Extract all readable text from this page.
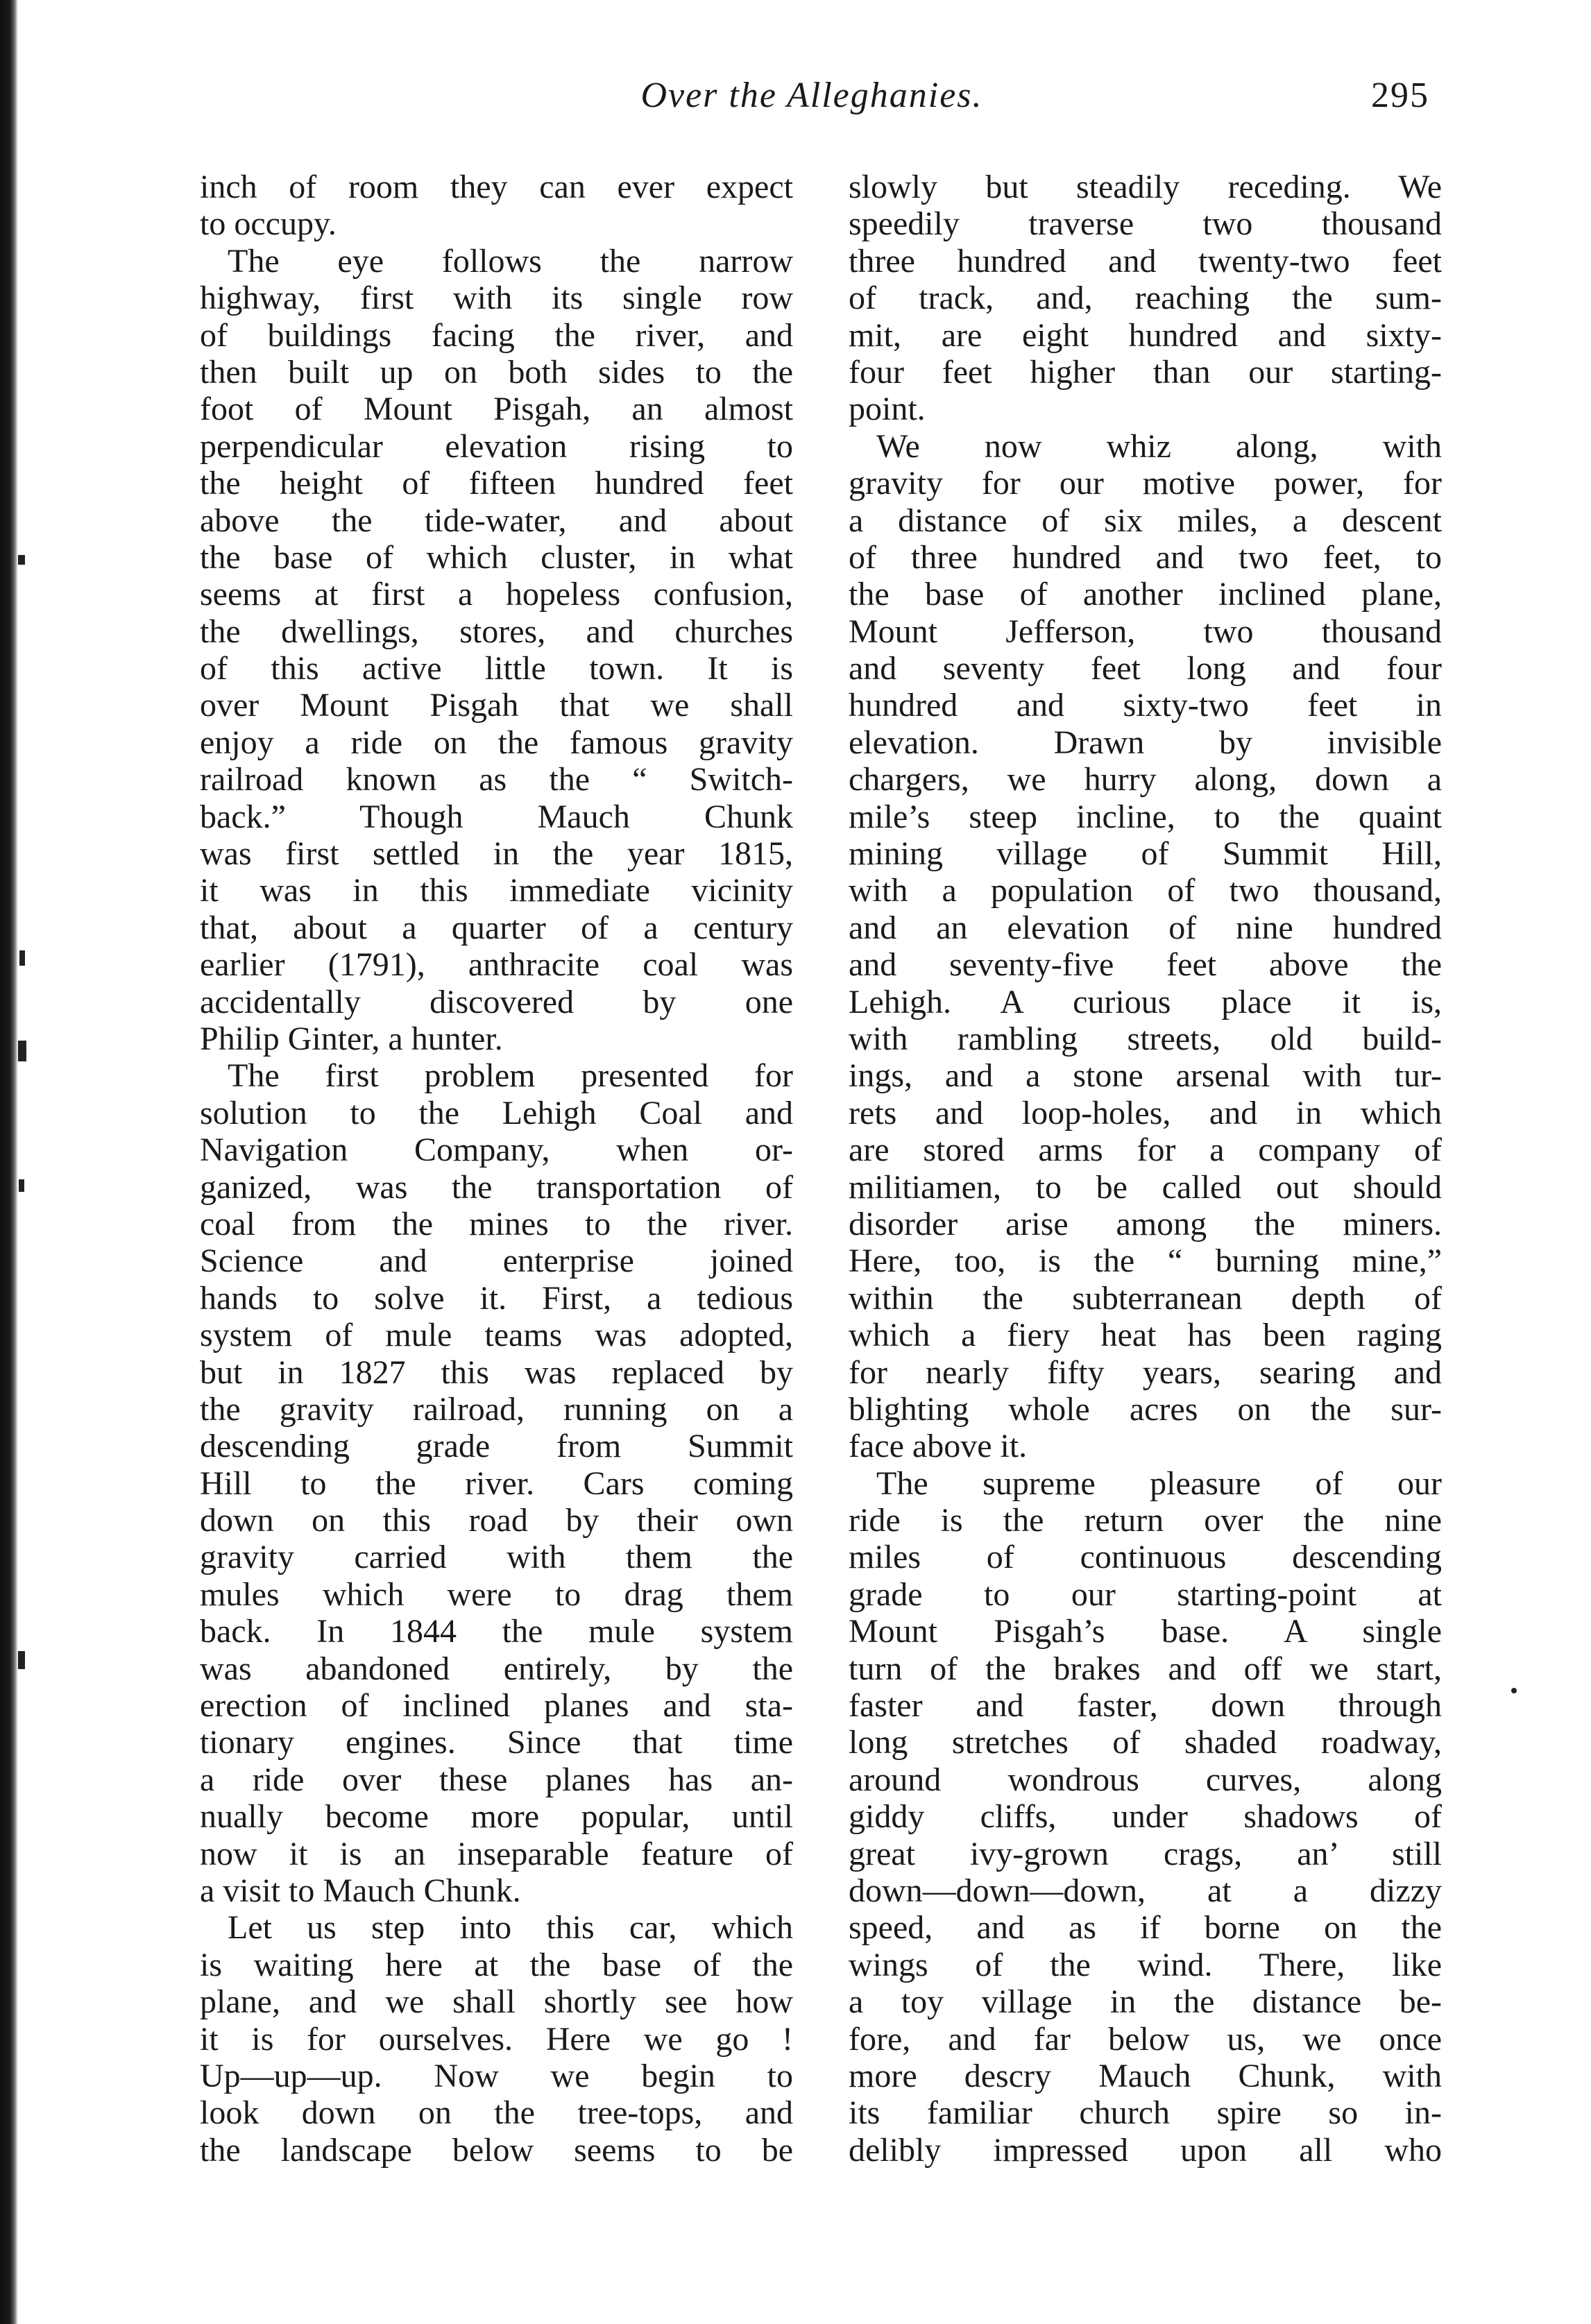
Over the Alleghanies.	295
inch of room they can ever expect
to occupy.
The eye follows the narrow
highway, first with its single row
of buildings facing the river, and
then built up on both sides to the
foot of Mount Pisgah, an almost
perpendicular elevation rising to
the height of fifteen hundred feet
above the tide-water, and about
the base of which cluster, in what
seems at first a hopeless confusion,
the dwellings, stores, and churches
of this active little town. It is
over Mount Pisgah that we shall
enjoy a ride on the famous gravity
railroad known as the “ Switch-
back.” Though Mauch Chunk
was first settled in the year 1815,
it was in this immediate vicinity
that, about a quarter of a century
earlier (1791), anthracite coal was
accidentally discovered by one
Philip Ginter, a hunter.
The first problem presented for
solution to the Lehigh Coal and
Navigation Company, when or-
ganized, was the transportation of
coal from the mines to the river.
Science and enterprise joined
hands to solve it. First, a tedious
system of mule teams was adopted,
but in 1827 this was replaced by
the gravity railroad, running on a
descending grade from Summit
Hill to the river. Cars coming
down on this road by their own
gravity carried with them the
mules which were to drag them
back. In 1844 the mule system
was abandoned entirely, by the
erection of inclined planes and sta-
tionary engines. Since that time
a ride over these planes has an-
nually become more popular, until
now it is an inseparable feature of
a visit to Mauch Chunk.
Let us step into this car, which
is waiting here at the base of the
plane, and we shall shortly see how
it is for ourselves. Here we go !
Up—up—up. Now we begin to
look down on the tree-tops, and
the landscape below seems to be
slowly but steadily receding. We
speedily traverse two thousand
three hundred and twenty-two feet
of track, and, reaching the sum-
mit, are eight hundred and sixty-
four feet higher than our starting-
point.
We now whiz along, with
gravity for our motive power, for
a distance of six miles, a descent
of three hundred and two feet, to
the base of another inclined plane,
Mount Jefferson, two thousand
and seventy feet long and four
hundred and sixty-two feet in
elevation. Drawn by invisible
chargers, we hurry along, down a
mile’s steep incline, to the quaint
mining village of Summit Hill,
with a population of two thousand,
and an elevation of nine hundred
and seventy-five feet above the
Lehigh. A curious place it is,
with rambling streets, old build-
ings, and a stone arsenal with tur-
rets and loop-holes, and in which
are stored arms for a company of
militiamen, to be called out should
disorder arise among the miners.
Here, too, is the “ burning mine,”
within the subterranean depth of
which a fiery heat has been raging
for nearly fifty years, searing and
blighting whole acres on the sur-
face above it.
The supreme pleasure of our
ride is the return over the nine
miles of continuous descending
grade to our starting-point at
Mount Pisgah’s base. A single
turn of the brakes and off we start,
faster and faster, down through
long stretches of shaded roadway,
around wondrous curves, along
giddy cliffs, under shadows of
great ivy-grown crags, an’ still
down—down—down, at a dizzy
speed, and as if borne on the
wings of the wind. There, like
a toy village in the distance be-
fore, and far below us, we once
more descry Mauch Chunk, with
its familiar church spire so in-
delibly impressed upon all who
